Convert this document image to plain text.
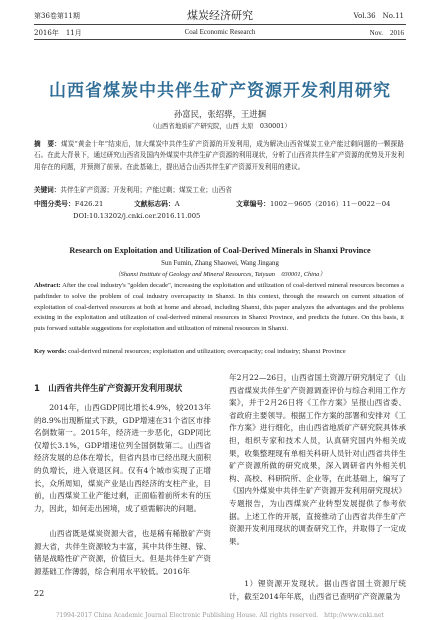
第36卷第11期	煤炭经济研究	Vol.36　No.11
2016年　11月	Coal Economic Research	Nov.　2016
山西省煤炭中共伴生矿产资源开发利用研究
孙富民，张绍骅，王进捆
（山西省地质矿产研究院，山西 太原　030001）
摘　要：煤炭“黄金十年”结束后，加大煤炭中共伴生矿产资源的开发利用，成为解决山西省煤炭工业产能过剩问题的一颗探路石。在此大背景下，通过研究山西省及国内外煤炭中共伴生矿产资源的利用现状，分析了山西省共伴生矿产资源的优势及开发利用存在的问题，并预测了前景。在此基础上，提出适合山西共伴生矿产资源开发利用的建议。
关键词：共伴生矿产资源；开发利用；产能过剩；煤炭工业；山西省
中图分类号：F426.21	文献标志码：A	文章编号：1002－9605（2016）11－0022－04
DOI:10.13202/j.cnki.cer.2016.11.005
Research on Exploitation and Utilization of Coal-Derived Minerals in Shanxi Province
Sun Fumin, Zhang Shaowei, Wang Jingang
（Shanxi Institute of Geology and Mineral Resources, Taiyuan　030001, China）
Abstract: After the coal industry's "golden decade", increasing the exploitation and utilization of coal-derived mineral resources becomes a pathfinder to solve the problem of coal industry overcapacity in Shanxi. In this context, through the research on current situation of exploitation of coal-derived resources at both at home and abroad, including Shanxi, this paper analyzes the advantages and the problems existing in the exploitation and utilization of coal-derived mineral resources in Shanxi Province, and predicts the future. On this basis, it puts forward suitable suggestions for exploitation and utilization of mineral resources in Shanxi.
Key words: coal-derived mineral resources; exploitation and utilization; overcapacity; coal industry; Shanxi Province
1　山西省共伴生矿产资源开发利用现状
2014年，山西GDP同比增长4.9%，较2013年的8.9%出现断崖式下跌，GDP增速在31个省区市排名倒数第一。2015年，经济进一步恶化，GDP同比仅增长3.1%，GDP增速位列全国倒数第二。山西省经济发展的总体在增长，但省内县市已经出现大面积的负增长，进入衰退区间。仅有4个城市实现了正增长，众所周知，煤炭产业是山西经济的支柱产业，目前，山西煤炭工业产能过剩，正面临着前所未有的压力，因此，如何走出困境，成了亟需解决的问题。
山西省既是煤炭资源大省，也是稀有稀散矿产资源大省，共伴生资源较为丰富，其中共伴生锂、镓、锗是战略性矿产资源，价值巨大。但是共伴生矿产资源基础工作薄弱，综合利用水平较低。2016年
22
年2月22—26日，山西省国土资源厅研究制定了《山西省煤炭共伴生矿产资源调查评价与综合利用工作方案》，并于2月26日将《工作方案》呈报山西省委、省政府主要领导。根据工作方案的部署和安排对《工作方案》进行细化，由山西省地质矿产研究院具体承担，组织专家和技术人员，认真研究国内外相关成果，收集整理现有单相关科研人员针对山西省共伴生矿产资源所做的研究成果，深入调研省内外相关机构、高校、科研院所、企业等，在此基础上，编写了《国内外煤炭中共伴生矿产资源开发利用研究现状》专题报告，为山西煤炭产业转型发展提供了参考依据。上述工作的开展，直接推动了山西省共伴生矿产资源开发利用现状的调查研究工作，并取得了一定成果。
1）锂资源开发现状。据山西省国土资源厅统计，截至2014年年底，山西省已查明矿产资源量为
?1994-2017 China Academic Journal Electronic Publishing House. All rights reserved.　http://www.cnki.net
